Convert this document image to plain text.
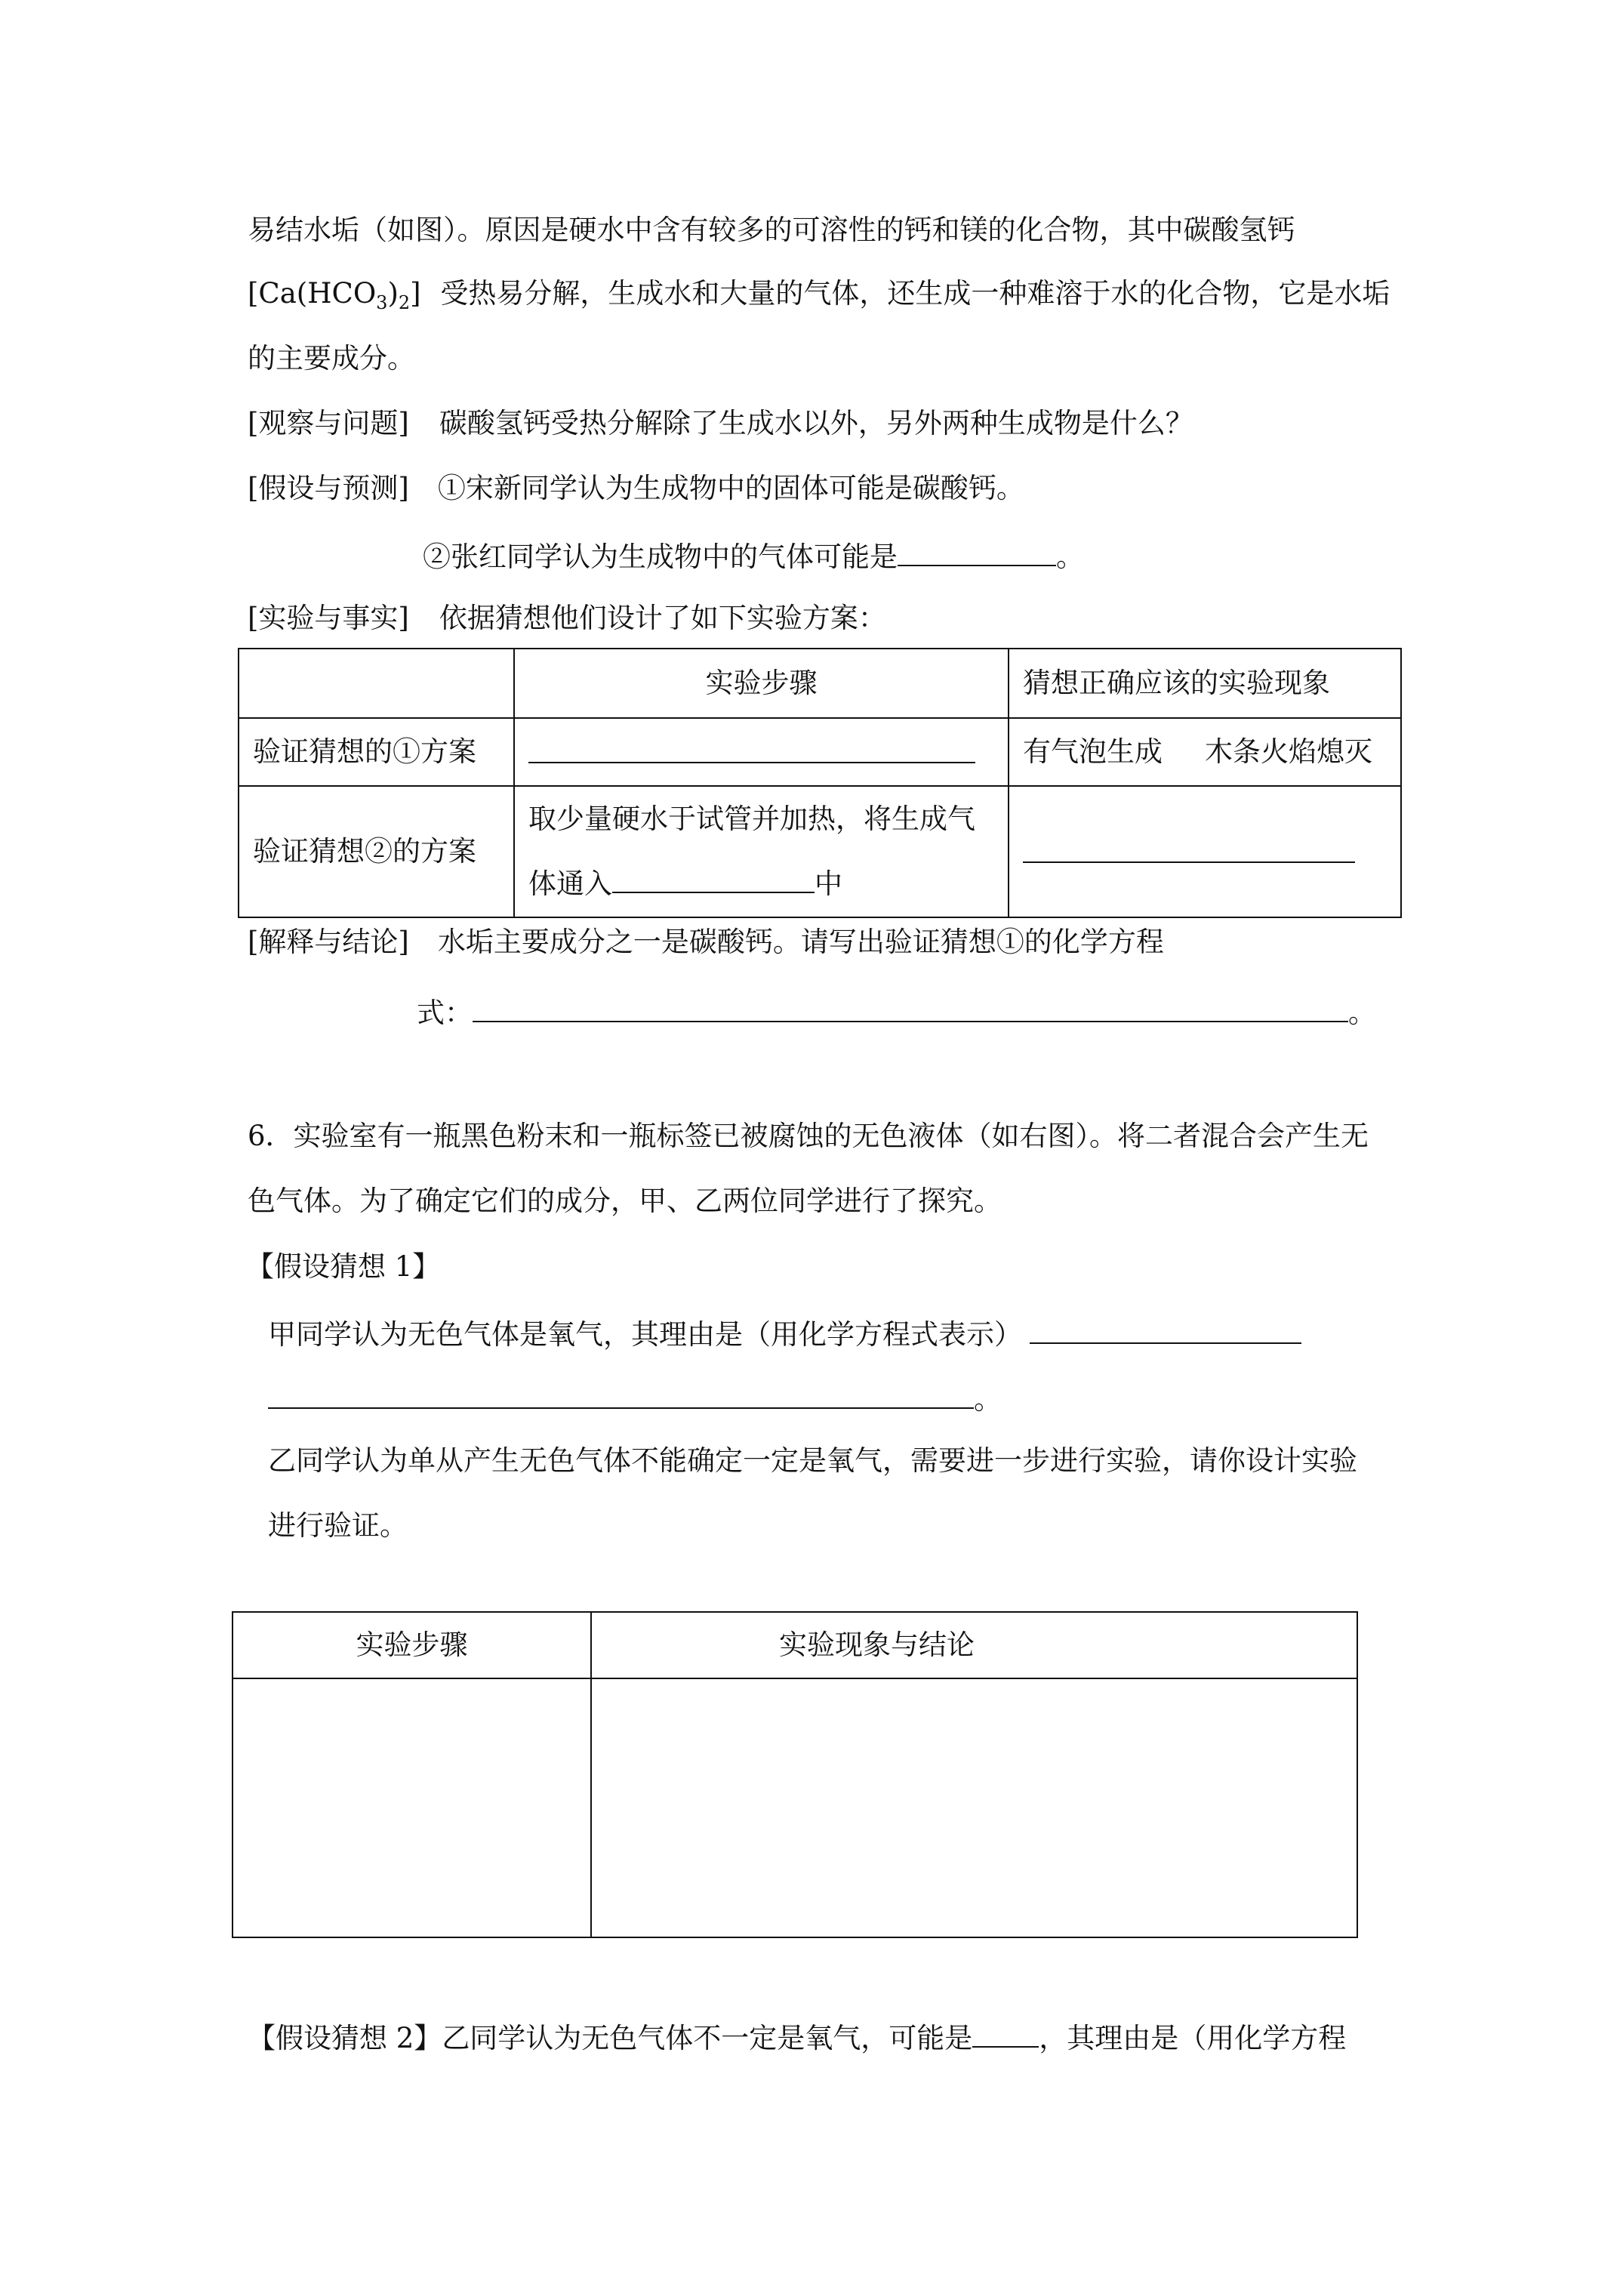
易结水垢（如图）。原因是硬水中含有较多的可溶性的钙和镁的化合物，其中碳酸氢钙
$[Ca(HCO_3)_2]$ 受热易分解，生成水和大量的气体，还生成一种难溶于水的化合物，它是水垢
的主要成分。
[观察与问题] 碳酸氢钙受热分解除了生成水以外，另外两种生成物是什么？
[假设与预测] ①宋新同学认为生成物中的固体可能是碳酸钙。
②张红同学认为生成物中的气体可能是	。
[实验与事实] 依据猜想他们设计了如下实验方案：
	实验步骤	猜想正确应该的实验现象
验证猜想的①方案		有气泡生成 木条火焰熄灭
验证猜想②的方案	取少量硬水于试管并加热，将生成气
体通入 中	

[解释与结论] 水垢主要成分之一是碳酸钙。请写出验证猜想①的化学方程
式：	。
6．实验室有一瓶黑色粉末和一瓶标签已被腐蚀的无色液体（如右图）。将二者混合会产生无
色气体。为了确定它们的成分，甲、乙两位同学进行了探究。
【假设猜想 1】
甲同学认为无色气体是氧气，其理由是（用化学方程式表示）
。
乙同学认为单从产生无色气体不能确定一定是氧气，需要进一步进行实验，请你设计实验
进行验证。
实验步骤	实验现象与结论

【假设猜想 2】乙同学认为无色气体不一定是氧气，可能是 ，其理由是（用化学方程
